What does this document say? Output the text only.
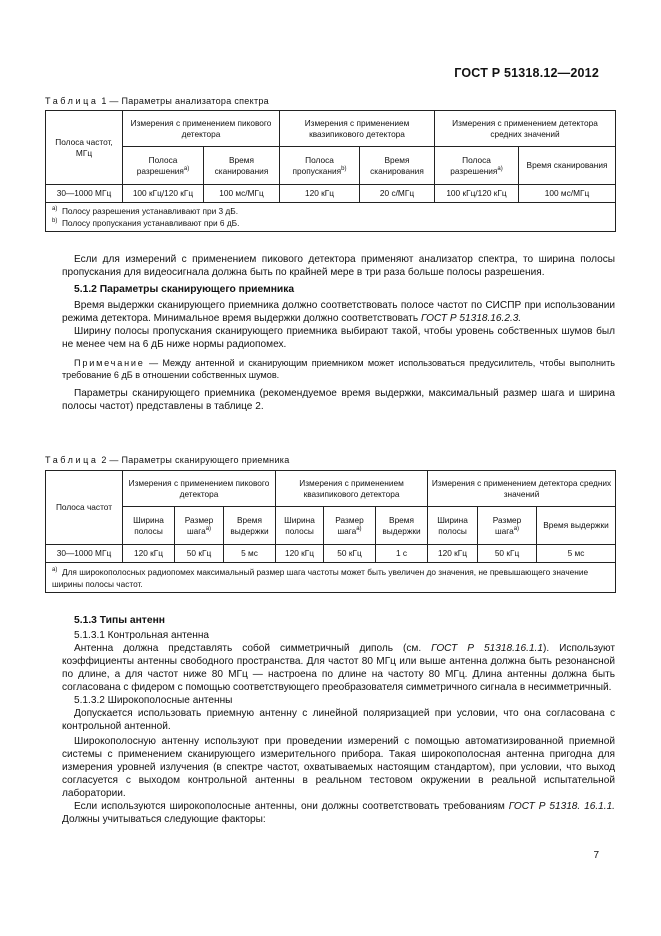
ГОСТ Р 51318.12—2012
Таблица 1 — Параметры анализатора спектра
Полоса частот, МГц	Измерения с применением пикового детектора		Измерения с применением квазипикового детектора		Измерения с применением детектора средних значений	
	Полоса разрешения$^{а)}$	Время сканирования	Полоса пропускания$^{b)}$	Время сканирования	Полоса разрешения$^{а)}$	Время сканирования
30—1000 МГц	100 кГц/120 кГц	100 мс/МГц	120 кГц	20 с/МГц	100 кГц/120 кГц	100 мс/МГц

$^{а)}$ Полосу разрешения устанавливают при 3 дБ.
$^{b)}$ Полосу пропускания устанавливают при 6 дБ.						

Если для измерений с применением пикового детектора применяют анализатор спектра, то ширина полосы пропускания для видеосигнала должна быть по крайней мере в три раза больше полосы разрешения.

5.1.2 Параметры сканирующего приемника

Время выдержки сканирующего приемника должно соответствовать полосе частот по СИСПР при использовании режима детектора. Минимальное время выдержки должно соответствовать ГОСТ Р 51318.16.2.3.

Ширину полосы пропускания сканирующего приемника выбирают такой, чтобы уровень собственных шумов был не менее чем на 6 дБ ниже нормы радиопомех.

Примечание — Между антенной и сканирующим приемником может использоваться предусилитель, чтобы выполнить требование 6 дБ в отношении собственных шумов.

Параметры сканирующего приемника (рекомендуемое время выдержки, максимальный размер шага и ширина полосы частот) представлены в таблице 2.

Таблица 2 — Параметры сканирующего приемника
Полоса частот	Измерения с применением пикового детектора			Измерения с применением квазипикового детектора			Измерения с применением детектора средних значений		
	Ширина полосы	Размер шага$^{а)}$	Время выдержки	Ширина полосы	Размер шага$^{а)}$	Время выдержки	Ширина полосы	Размер шага$^{а)}$	Время выдержки
30—1000 МГц	120 кГц	50 кГц	5 мс	120 кГц	50 кГц	1 с	120 кГц	50 кГц	5 мс
$^{а)}$ Для широкополосных радиопомех максимальный размер шага частоты может быть увеличен до значения, не превышающего значение ширины полосы частот.									

5.1.3 Типы антенн

5.1.3.1 Контрольная антенна

Антенна должна представлять собой симметричный диполь (см. ГОСТ Р 51318.16.1.1). Используют коэффициенты антенны свободного пространства. Для частот 80 МГц или выше антенна должна быть резонансной по длине, а для частот ниже 80 МГц — настроена по длине на частоту 80 МГц. Длина антенны должна быть согласована с фидером с помощью соответствующего преобразователя симметричного сигнала в несимметричный.

5.1.3.2 Широкополосные антенны

Допускается использовать приемную антенну с линейной поляризацией при условии, что она согласована с контрольной антенной.

Широкополосную антенну используют при проведении измерений с помощью автоматизированной приемной системы с применением сканирующего измерительного прибора. Такая широкополосная антенна пригодна для измерения уровней излучения (в спектре частот, охватываемых настоящим стандартом), при условии, что выход согласуется с выходом контрольной антенны в реальном тестовом окружении в реальной испытательной лаборатории.

Если используются широкополосные антенны, они должны соответствовать требованиям ГОСТ Р 51318. 16.1.1. Должны учитываться следующие факторы:

7
